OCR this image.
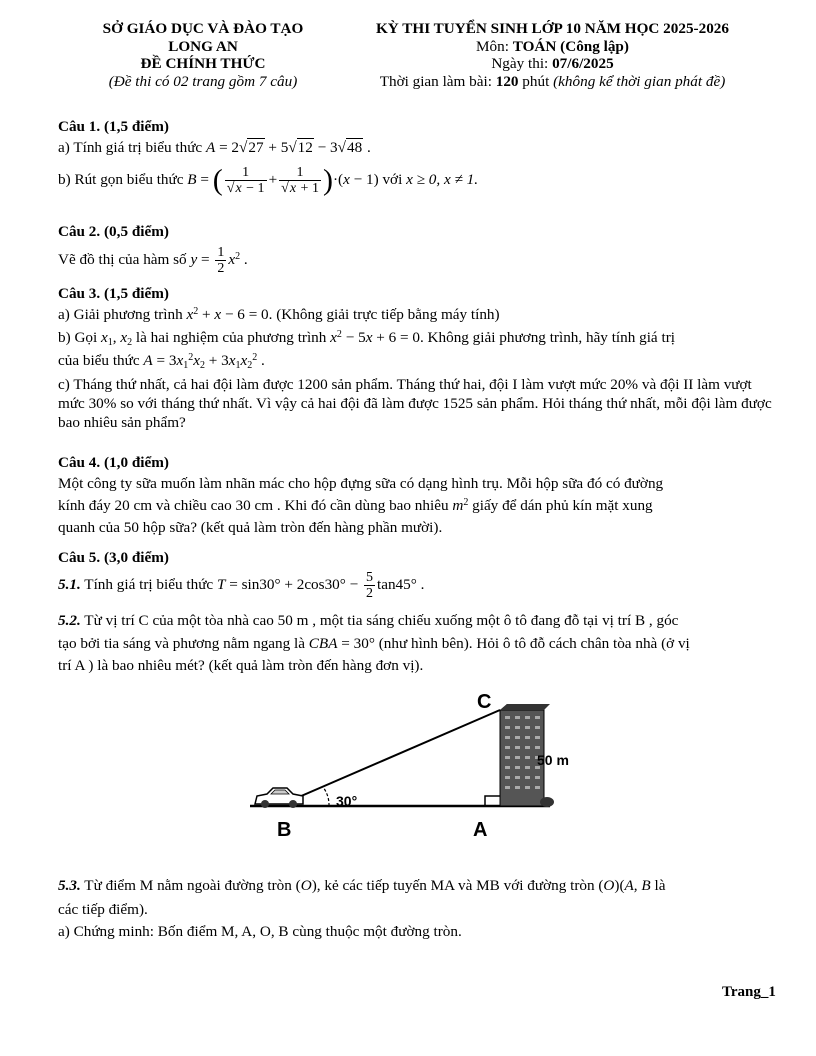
SỞ GIÁO DỤC VÀ ĐÀO TẠO
LONG AN
ĐỀ CHÍNH THỨC
(Đề thi có 02 trang gồm 7 câu)
KỲ THI TUYỂN SINH LỚP 10 NĂM HỌC 2025-2026
Môn: TOÁN (Công lập)
Ngày thi: 07/6/2025
Thời gian làm bài: 120 phút (không kể thời gian phát đề)
Câu 1. (1,5 điểm)
a) Tính giá trị biểu thức A = 2√27 + 5√12 − 3√48 .
b) Rút gọn biểu thức B = ( $\frac{1}{√x - 1} + \frac{1}{√x + 1} )\cdot(x - 1)$ với x ≥ 0, x ≠ 1.
Câu 2. (0,5 điểm)
Vẽ đồ thị của hàm số $y = \frac{1}{2} x^2$ .
Câu 3. (1,5 điểm)
a) Giải phương trình $x^2 + x - 6 = 0$. (Không giải trực tiếp bằng máy tính)
b) Gọi $x_1$, $x_2$ là hai nghiệm của phương trình $x^2 - 5x + 6 = 0$. Không giải phương trình, hãy tính giá trị
của biểu thức $A = 3x_1^2x_2 + 3x_1x_2^2$ .
c) Tháng thứ nhất, cả hai đội làm được 1200 sản phẩm. Tháng thứ hai, đội I làm vượt mức 20% và đội II làm vượt mức 30% so với tháng thứ nhất. Vì vậy cả hai đội đã làm được 1525 sản phẩm. Hỏi tháng thứ nhất, mỗi đội làm được bao nhiêu sản phẩm?
Câu 4. (1,0 điểm)
Một công ty sữa muốn làm nhãn mác cho hộp đựng sữa có dạng hình trụ. Mỗi hộp sữa đó có đường
kính đáy 20 cm và chiều cao 30 cm . Khi đó cần dùng bao nhiêu $m^2$ giấy để dán phủ kín mặt xung
quanh của 50 hộp sữa? (kết quả làm tròn đến hàng phần mười).
Câu 5. (3,0 điểm)
5.1. Tính giá trị biểu thức $T = \sin 30^\circ + 2\cos 30^\circ - \frac{5}{2} \tan 45^\circ$ .
5.2. Từ vị trí C của một tòa nhà cao 50 m , một tia sáng chiếu xuống một ô tô đang đỗ tại vị trí B , góc
tạo bởi tia sáng và phương nằm ngang là CBA = 30° (như hình bên). Hỏi ô tô đỗ cách chân tòa nhà (ở vị
trí A ) là bao nhiêu mét? (kết quả làm tròn đến hàng đơn vị).
C
50 m
30°
B	A
5.3. Từ điểm M nằm ngoài đường tròn (O), kẻ các tiếp tuyến MA và MB với đường tròn (O)(A, B là
các tiếp điểm).
a) Chứng minh: Bốn điểm M, A, O, B cùng thuộc một đường tròn.
Trang_1
